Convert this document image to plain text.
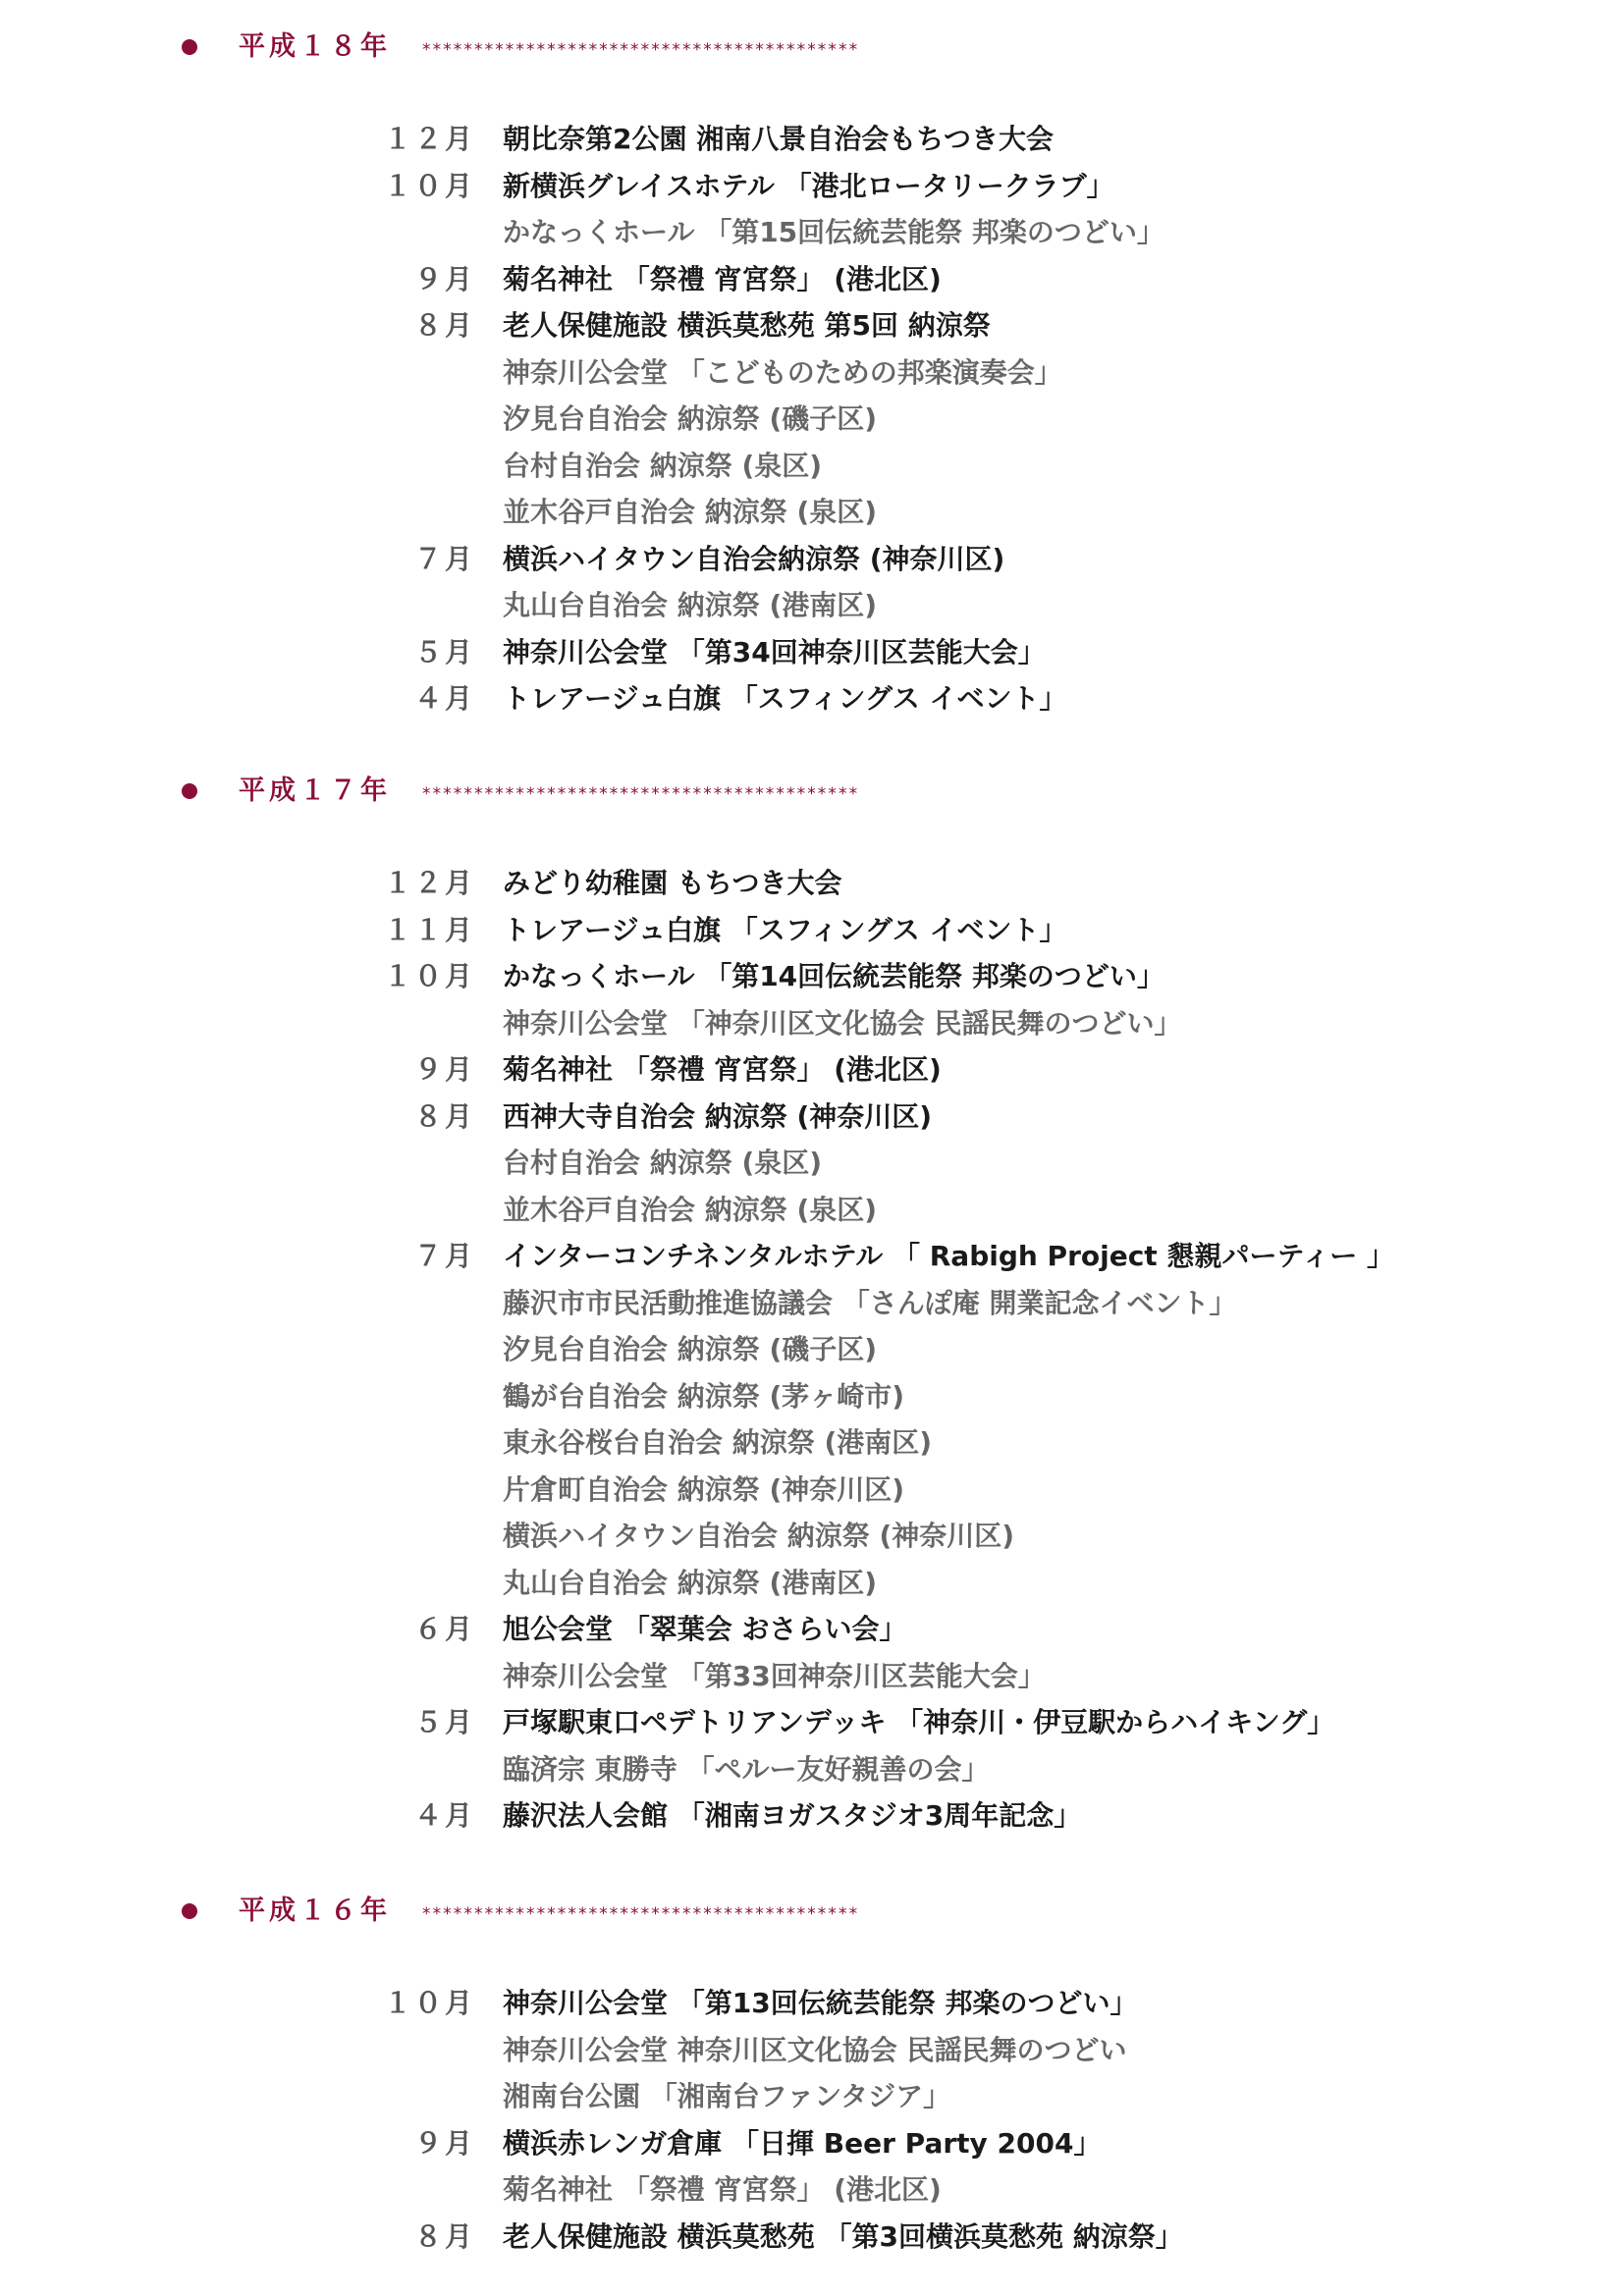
平成１８年 ******************************************
１２月 朝比奈第2公園 湘南八景自治会もちつき大会
１０月 新横浜グレイスホテル 「港北ロータリークラブ」
かなっくホール 「第15回伝統芸能祭 邦楽のつどい」
９月 菊名神社 「祭禮 宵宮祭」 (港北区)
８月 老人保健施設 横浜莫愁苑 第5回 納涼祭
神奈川公会堂 「こどものための邦楽演奏会」
汐見台自治会 納涼祭 (磯子区)
台村自治会 納涼祭 (泉区)
並木谷戸自治会 納涼祭 (泉区)
７月 横浜ハイタウン自治会納涼祭 (神奈川区)
丸山台自治会 納涼祭 (港南区)
５月 神奈川公会堂 「第34回神奈川区芸能大会」
４月 トレアージュ白旗 「スフィングス イベント」
平成１７年 ******************************************
１２月 みどり幼稚園 もちつき大会
１１月 トレアージュ白旗 「スフィングス イベント」
１０月 かなっくホール 「第14回伝統芸能祭 邦楽のつどい」
神奈川公会堂 「神奈川区文化協会 民謡民舞のつどい」
９月 菊名神社 「祭禮 宵宮祭」 (港北区)
８月 西神大寺自治会 納涼祭 (神奈川区)
台村自治会 納涼祭 (泉区)
並木谷戸自治会 納涼祭 (泉区)
７月 インターコンチネンタルホテル 「 Rabigh Project 懇親パーティー 」
藤沢市市民活動推進協議会 「さんぽ庵 開業記念イベント」
汐見台自治会 納涼祭 (磯子区)
鶴が台自治会 納涼祭 (茅ヶ崎市)
東永谷桜台自治会 納涼祭 (港南区)
片倉町自治会 納涼祭 (神奈川区)
横浜ハイタウン自治会 納涼祭 (神奈川区)
丸山台自治会 納涼祭 (港南区)
６月 旭公会堂 「翠葉会 おさらい会」
神奈川公会堂 「第33回神奈川区芸能大会」
５月 戸塚駅東口ペデトリアンデッキ 「神奈川・伊豆駅からハイキング」
臨済宗 東勝寺 「ペルー友好親善の会」
４月 藤沢法人会館 「湘南ヨガスタジオ3周年記念」
平成１６年 ******************************************
１０月 神奈川公会堂 「第13回伝統芸能祭 邦楽のつどい」
神奈川公会堂 神奈川区文化協会 民謡民舞のつどい
湘南台公園 「湘南台ファンタジア」
９月 横浜赤レンガ倉庫 「日揮 Beer Party 2004」
菊名神社 「祭禮 宵宮祭」 (港北区)
８月 老人保健施設 横浜莫愁苑 「第3回横浜莫愁苑 納涼祭」
